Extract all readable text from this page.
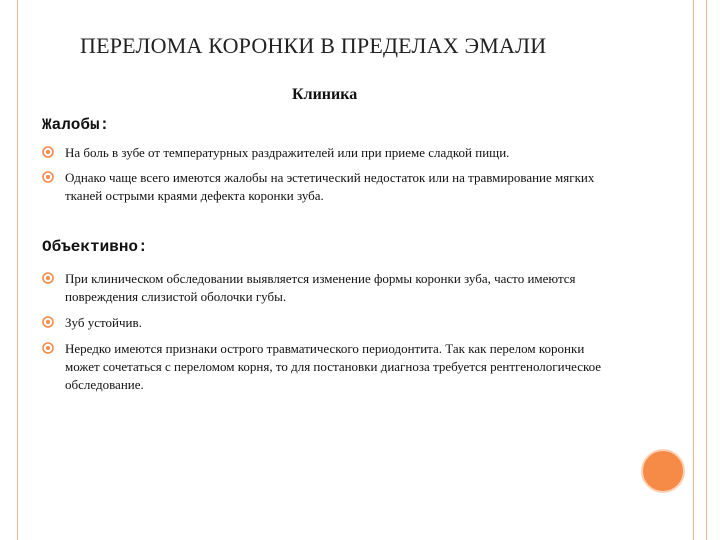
ПЕРЕЛОМА КОРОНКИ В ПРЕДЕЛАХ ЭМАЛИ
Клиника
Жалобы:
На боль в зубе от температурных раздражителей или при приеме сладкой пищи.
Однако чаще всего имеются жалобы на эстетический недостаток или на травмирование мягких тканей острыми краями дефекта коронки зуба.
Объективно:
При клиническом обследовании выявляется изменение формы коронки зуба, часто имеются повреждения слизистой оболочки губы.
Зуб устойчив.
Нередко имеются признаки острого травматического периодонтита. Так как перелом коронки может сочетаться с переломом корня, то для постановки диагноза требуется рентгенологическое обследование.
